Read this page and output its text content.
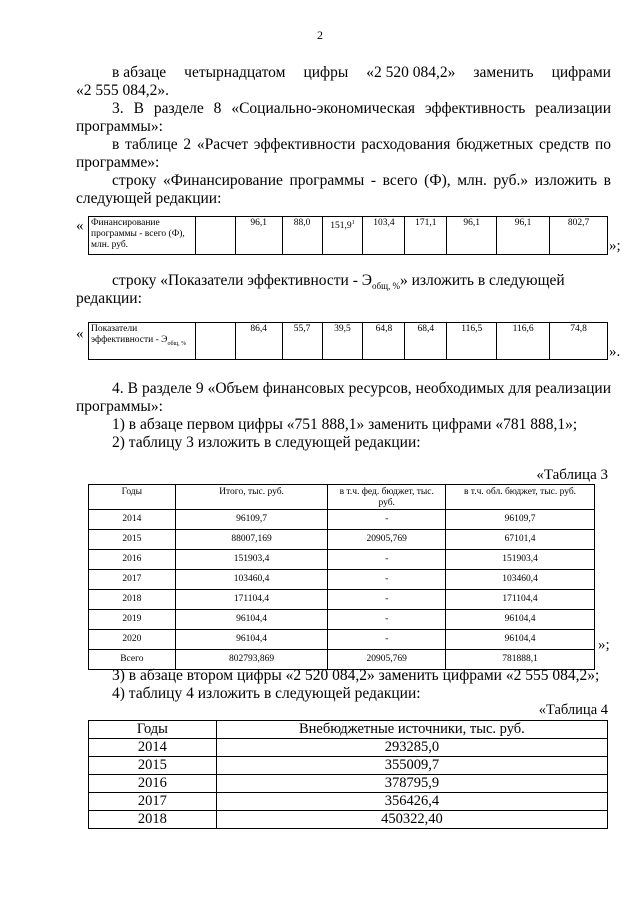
2
в абзаце четырнадцатом цифры «2 520 084,2» заменить цифрами
«2 555 084,2».
3. В разделе 8 «Социально-экономическая эффективность реализации
программы»:
в таблице 2 «Расчет эффективности расходования бюджетных средств по
программе»:
строку «Финансирование программы - всего (Ф), млн. руб.» изложить в
следующей редакции:
« Финансирование программы - всего (Ф), млн. руб.		96,1	88,0	151,9$^1$	103,4	171,1	96,1	96,1	802,7
»;
строку «Показатели эффективности - $Э_{общ, \%}$» изложить в следующей
редакции:
« Показатели эффективности - $Э_{общ, \%}$		86,4	55,7	39,5	64,8	68,4	116,5	116,6	74,8
».
4. В разделе 9 «Объем финансовых ресурсов, необходимых для реализации
программы»:
1) в абзаце первом цифры «751 888,1» заменить цифрами «781 888,1»;
2) таблицу 3 изложить в следующей редакции:
«Таблица 3
Годы	Итого, тыс. руб.	в т.ч. фед. бюджет, тыс. руб.	в т.ч. обл. бюджет, тыс. руб.
2014	96109,7	-	96109,7
2015	88007,169	20905,769	67101,4
2016	151903,4	-	151903,4
2017	103460,4	-	103460,4
2018	171104,4	-	171104,4
2019	96104,4	-	96104,4
2020	96104,4	-	96104,4
Всего	802793,869	20905,769	781888,1
»;
3) в абзаце втором цифры «2 520 084,2» заменить цифрами «2 555 084,2»;
4) таблицу 4 изложить в следующей редакции:
«Таблица 4
Годы	Внебюджетные источники, тыс. руб.
2014	293285,0
2015	355009,7
2016	378795,9
2017	356426,4
2018	450322,40
